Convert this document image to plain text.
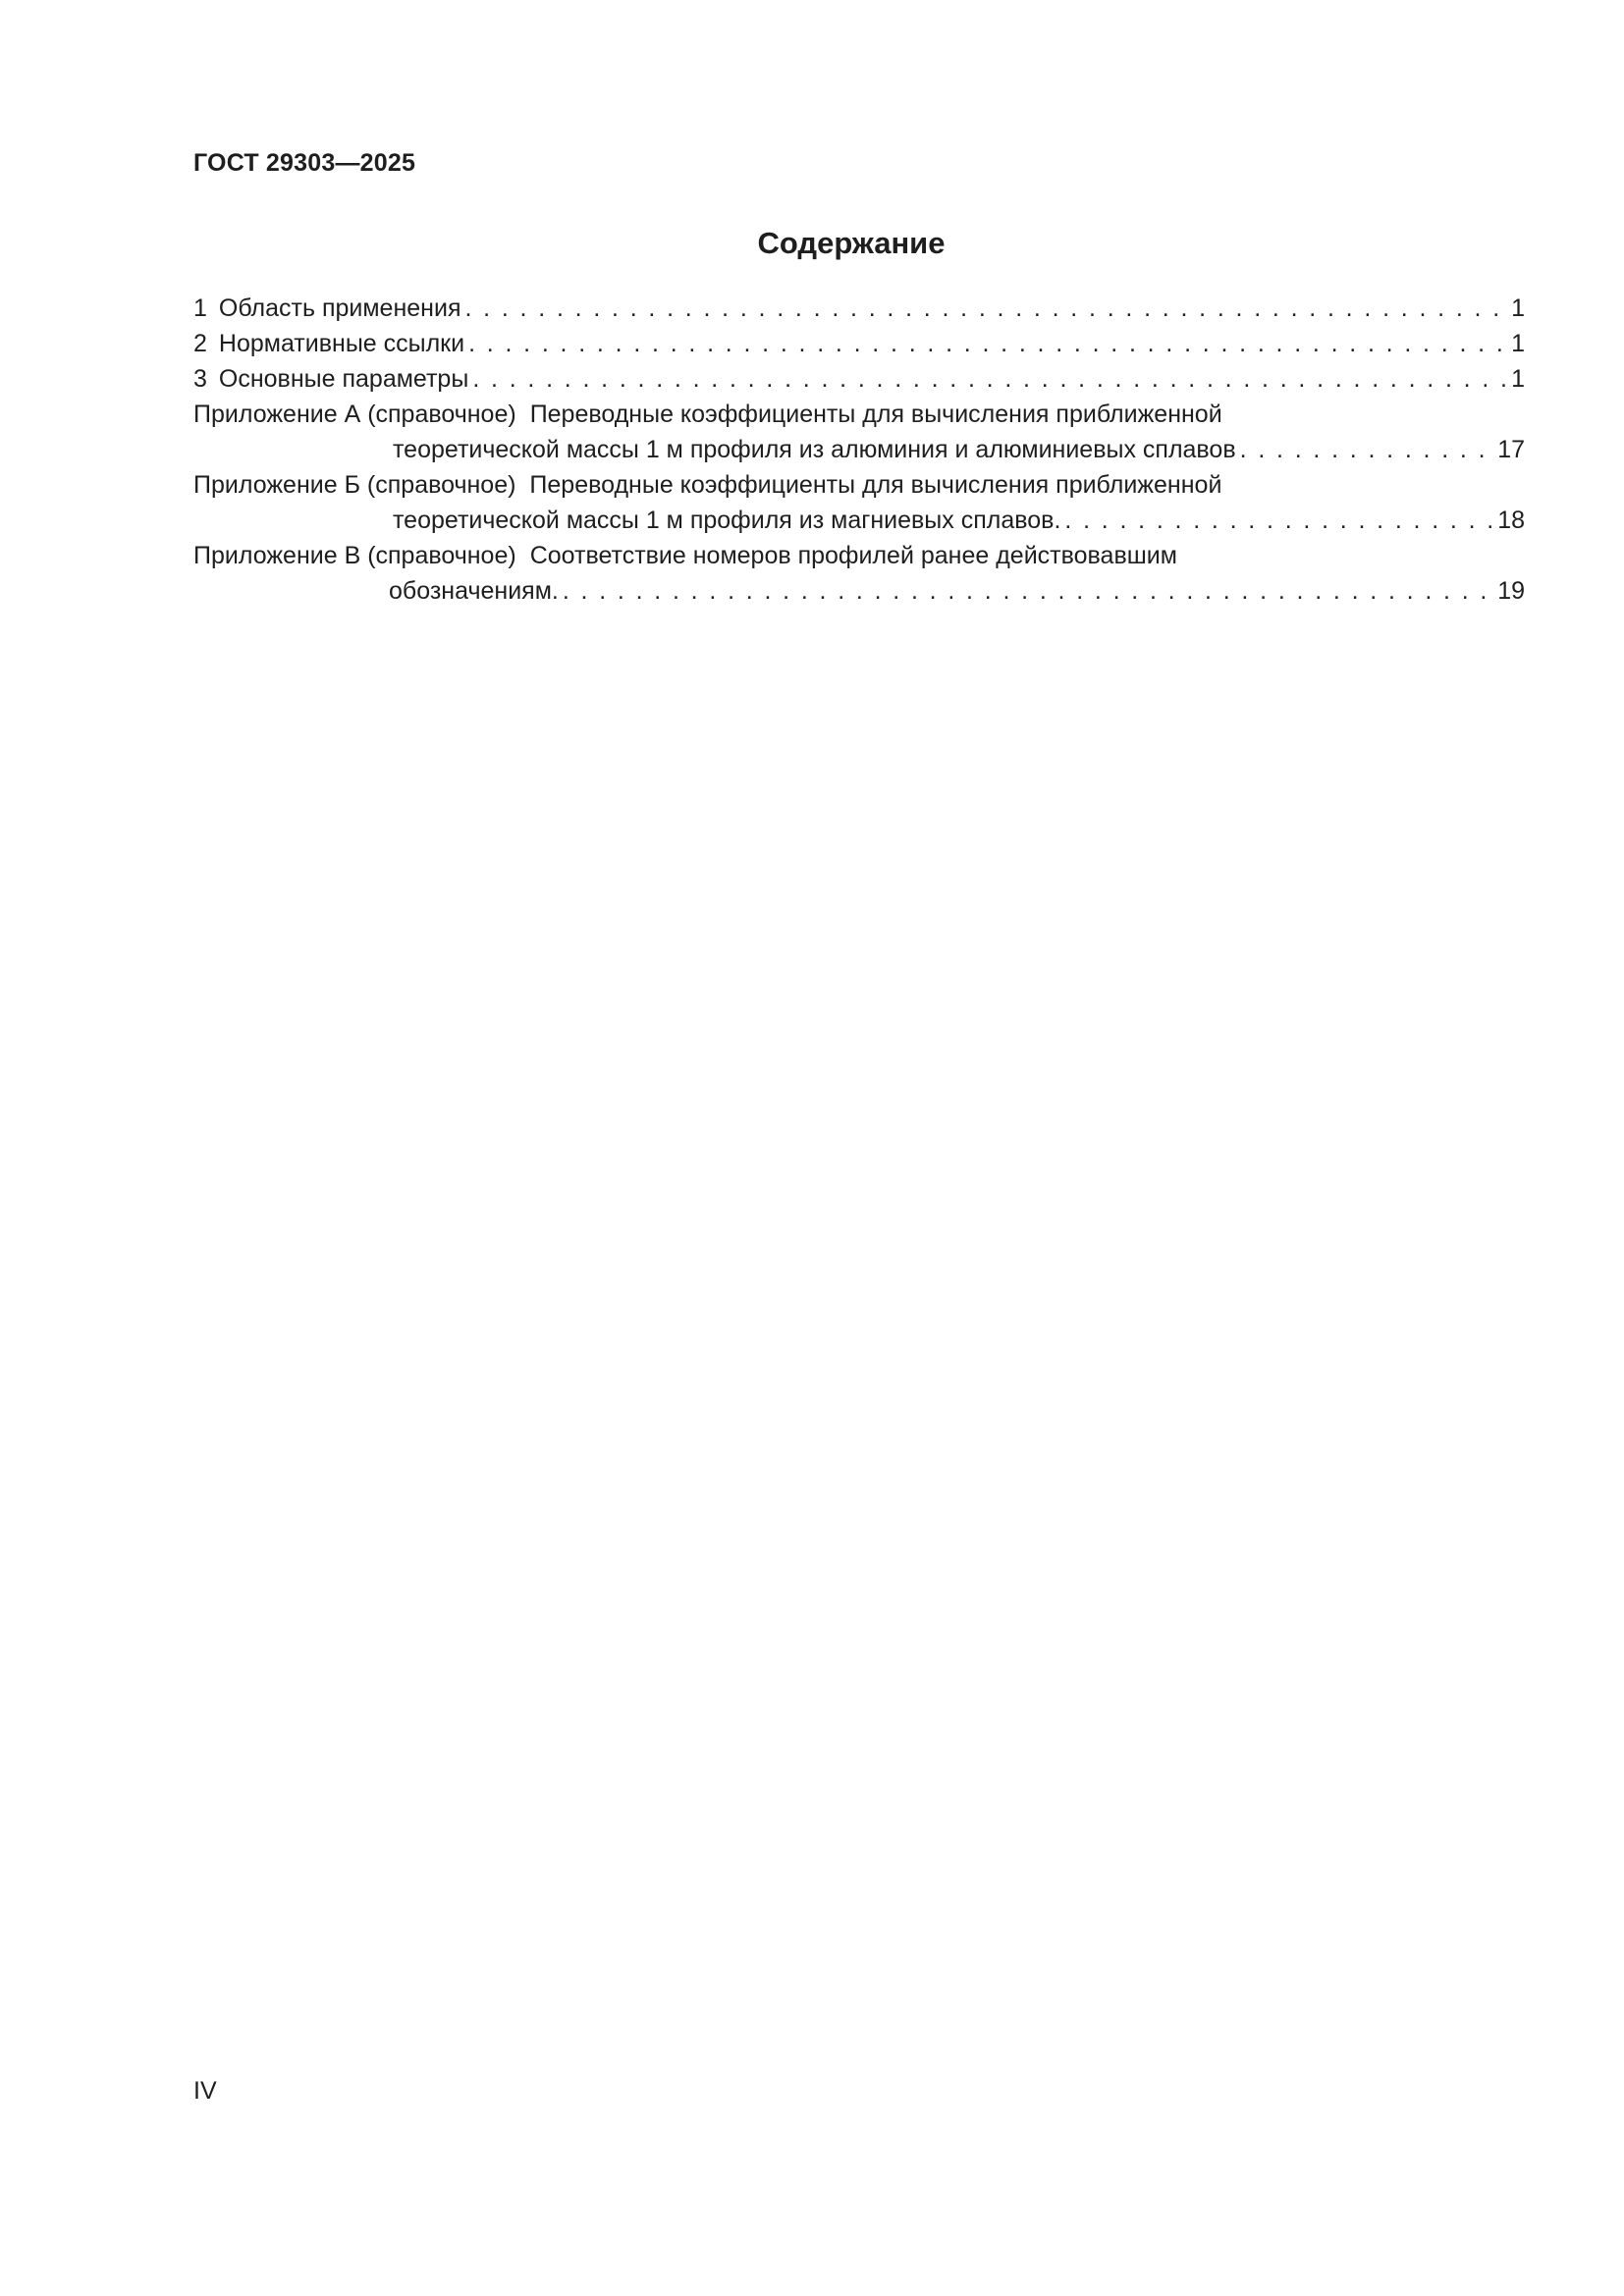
ГОСТ 29303—2025
Содержание
1 Область применения . . .	1
2 Нормативные ссылки . . .	1
3 Основные параметры . . .	1
Приложение А (справочное) Переводные коэффициенты для вычисления приближенной
теоретической массы 1 м профиля из алюминия и алюминиевых сплавов . . .	17
Приложение Б (справочное) Переводные коэффициенты для вычисления приближенной
теоретической массы 1 м профиля из магниевых сплавов. . . .	18
Приложение В (справочное) Соответствие номеров профилей ранее действовавшим
обозначениям. . . .	19
IV
